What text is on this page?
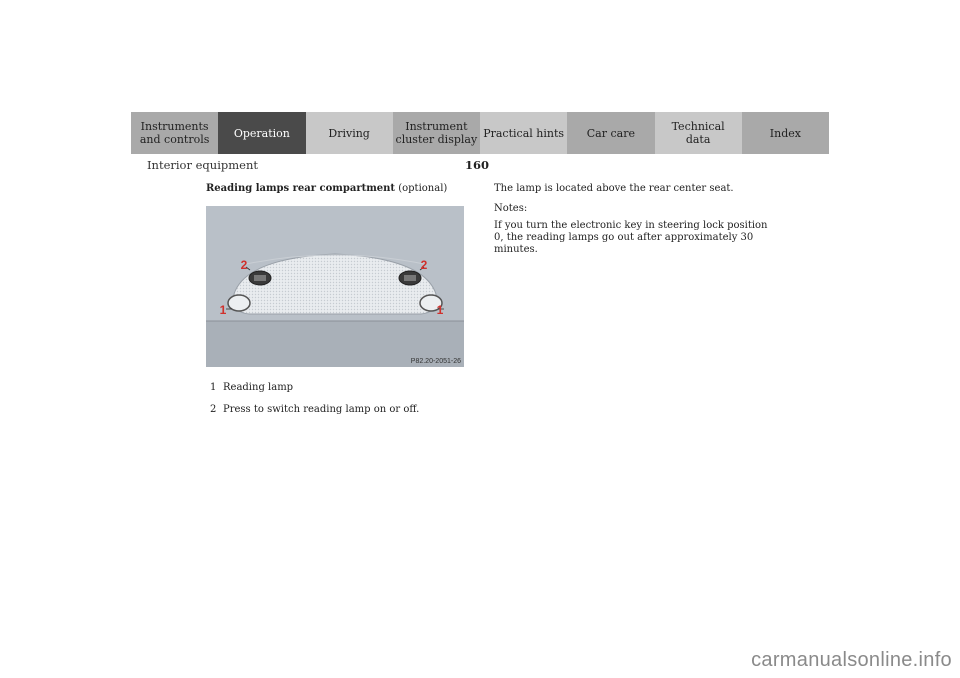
Instruments
and controls Operation	Driving	Instrument
cluster display Practical hints Car care	Technical
data	Index
Interior equipment	160
Reading lamps rear compartment (optional)
1	1
2	2
P82.20-2051-26
1 Reading lamp
2 Press to switch reading lamp on or off.

The lamp is located above the rear center seat.

Notes:

If you turn the electronic key in steering lock position 0, the reading lamps go out after approximately 30 minutes.

carmanualsonline.info
